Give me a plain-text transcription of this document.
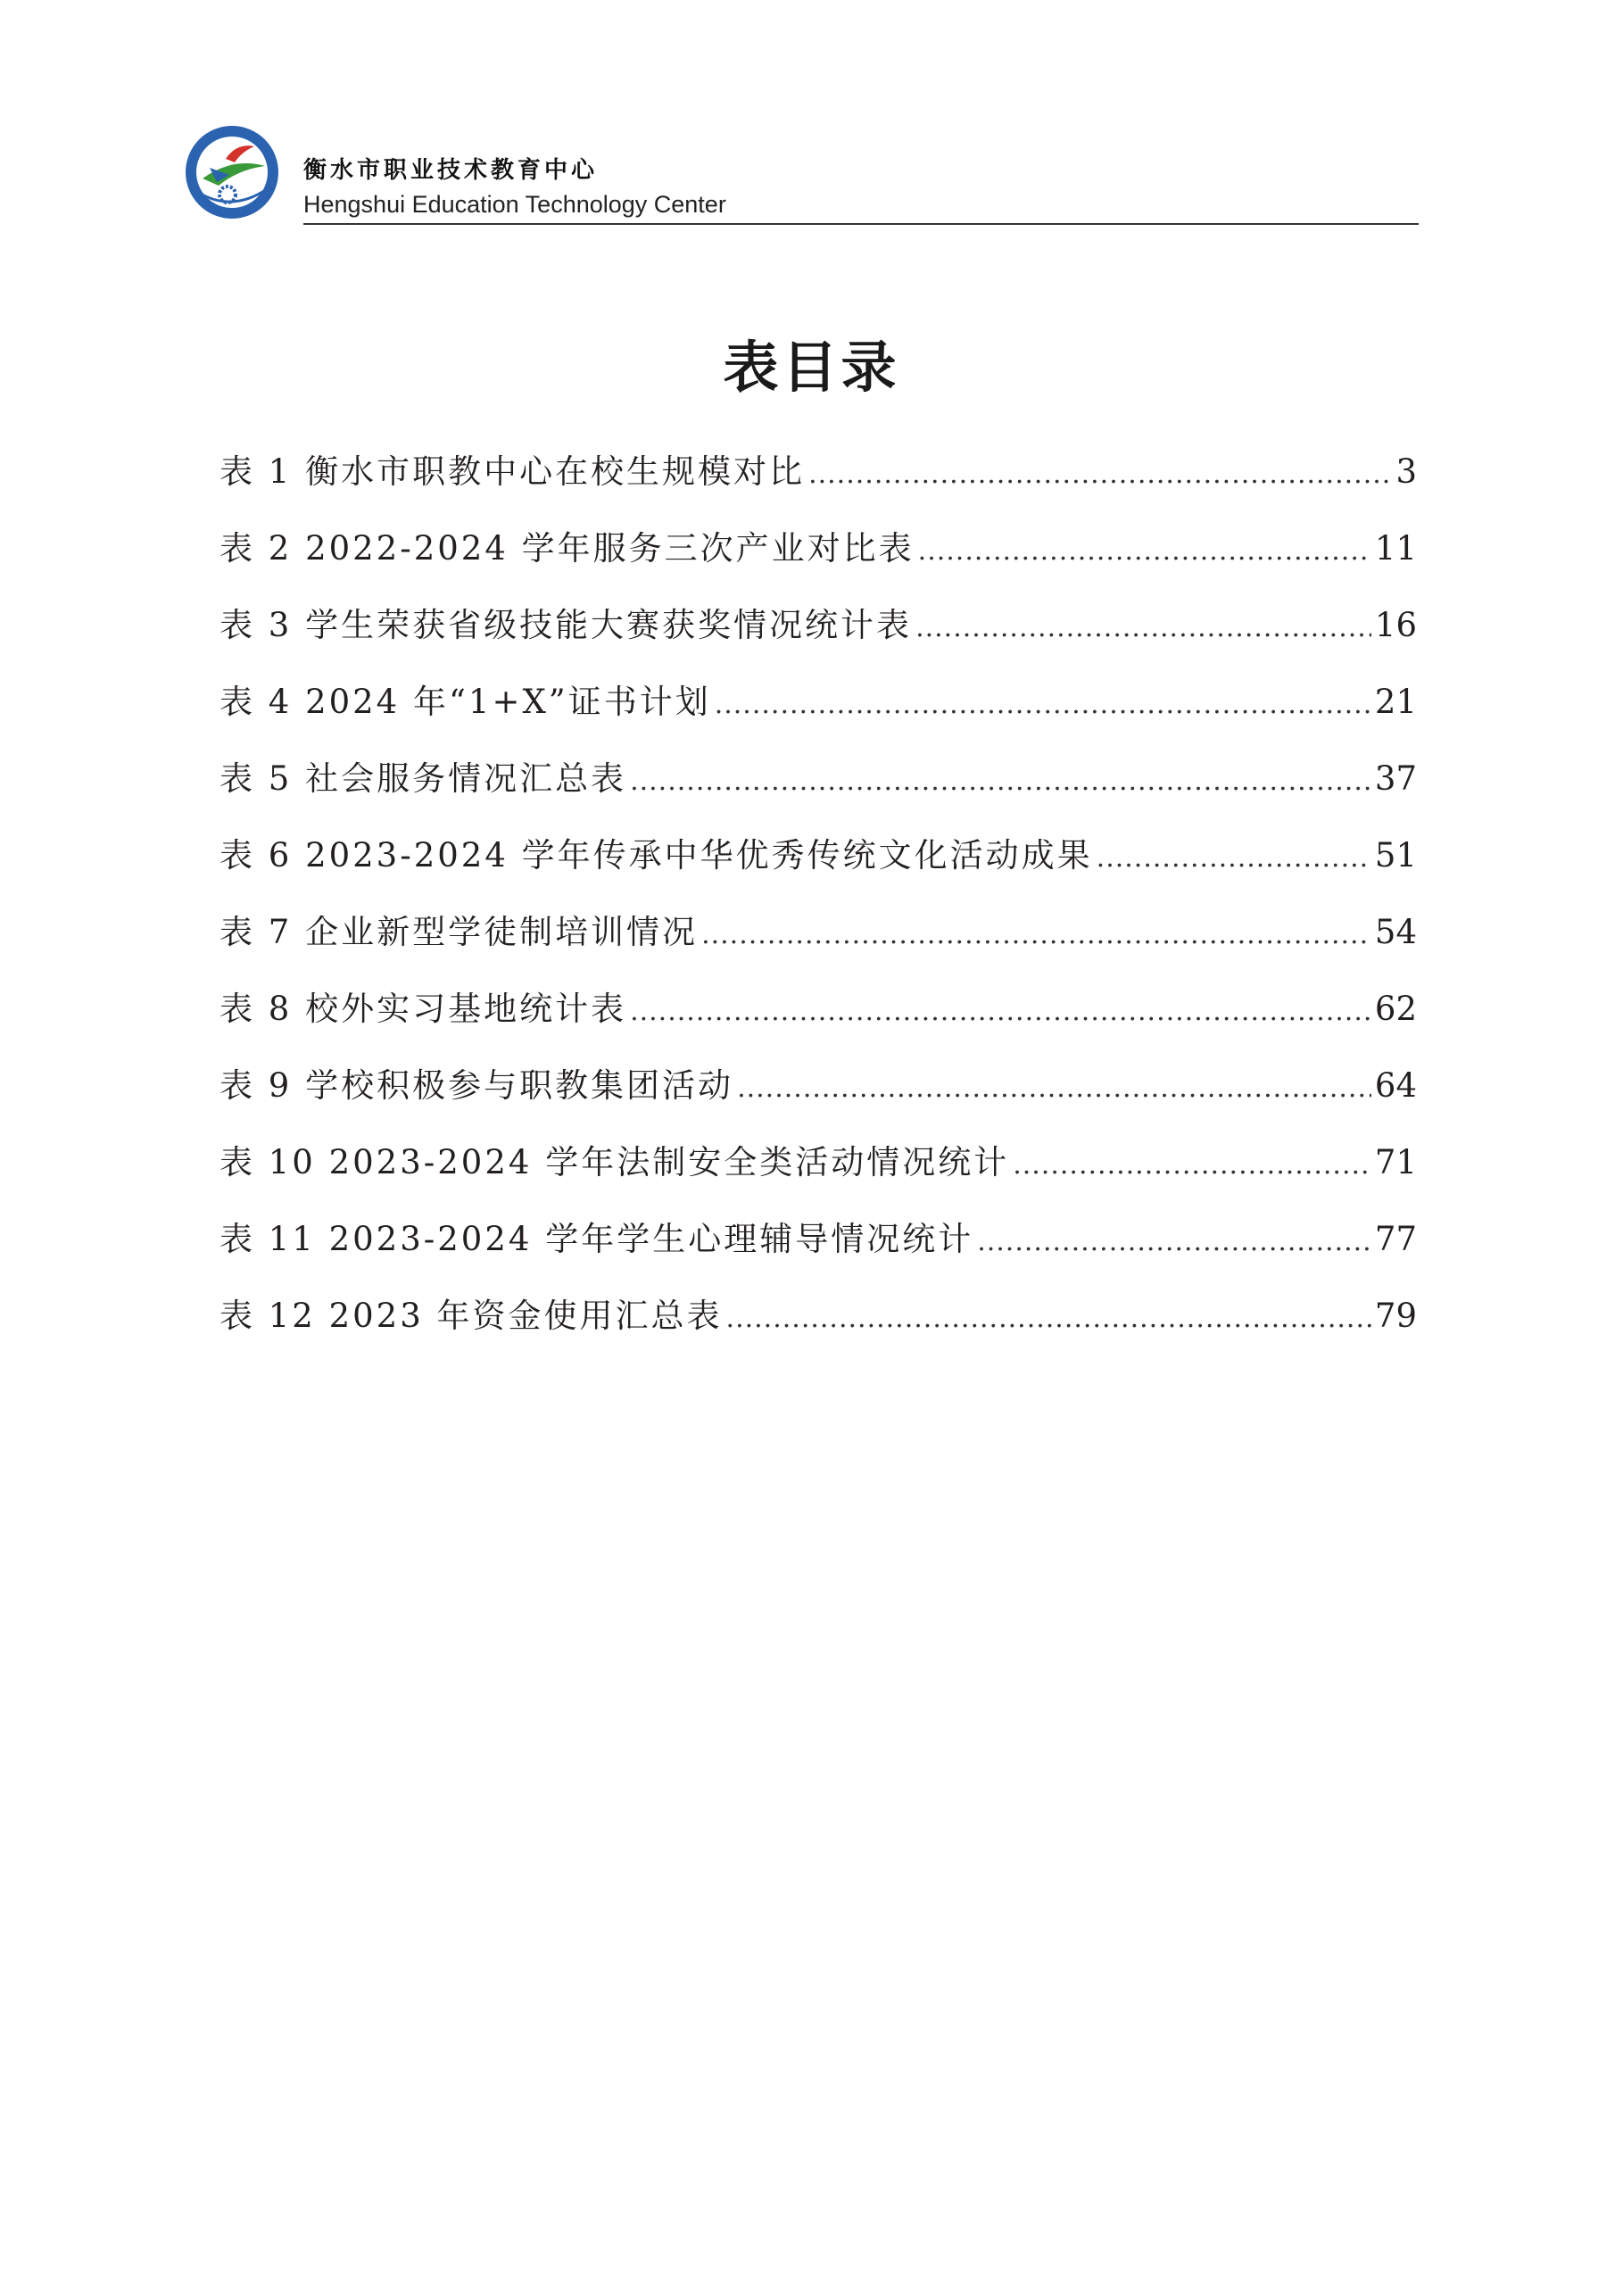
衡水市职业技术教育中心
Hengshui Education Technology Center
表目录
表 1 衡水市职教中心在校生规模对比 .....	3
表 2 2022-2024 学年服务三次产业对比表 .....	11
表 3 学生荣获省级技能大赛获奖情况统计表 .....	16
表 4 2024 年“1+X”证书计划 .....	21
表 5 社会服务情况汇总表 .....	37
表 6 2023-2024 学年传承中华优秀传统文化活动成果 .....	51
表 7 企业新型学徒制培训情况 .....	54
表 8 校外实习基地统计表 .....	62
表 9 学校积极参与职教集团活动 .....	64
表 10 2023-2024 学年法制安全类活动情况统计 .....	71
表 11 2023-2024 学年学生心理辅导情况统计 .....	77
表 12 2023 年资金使用汇总表 .....	79
